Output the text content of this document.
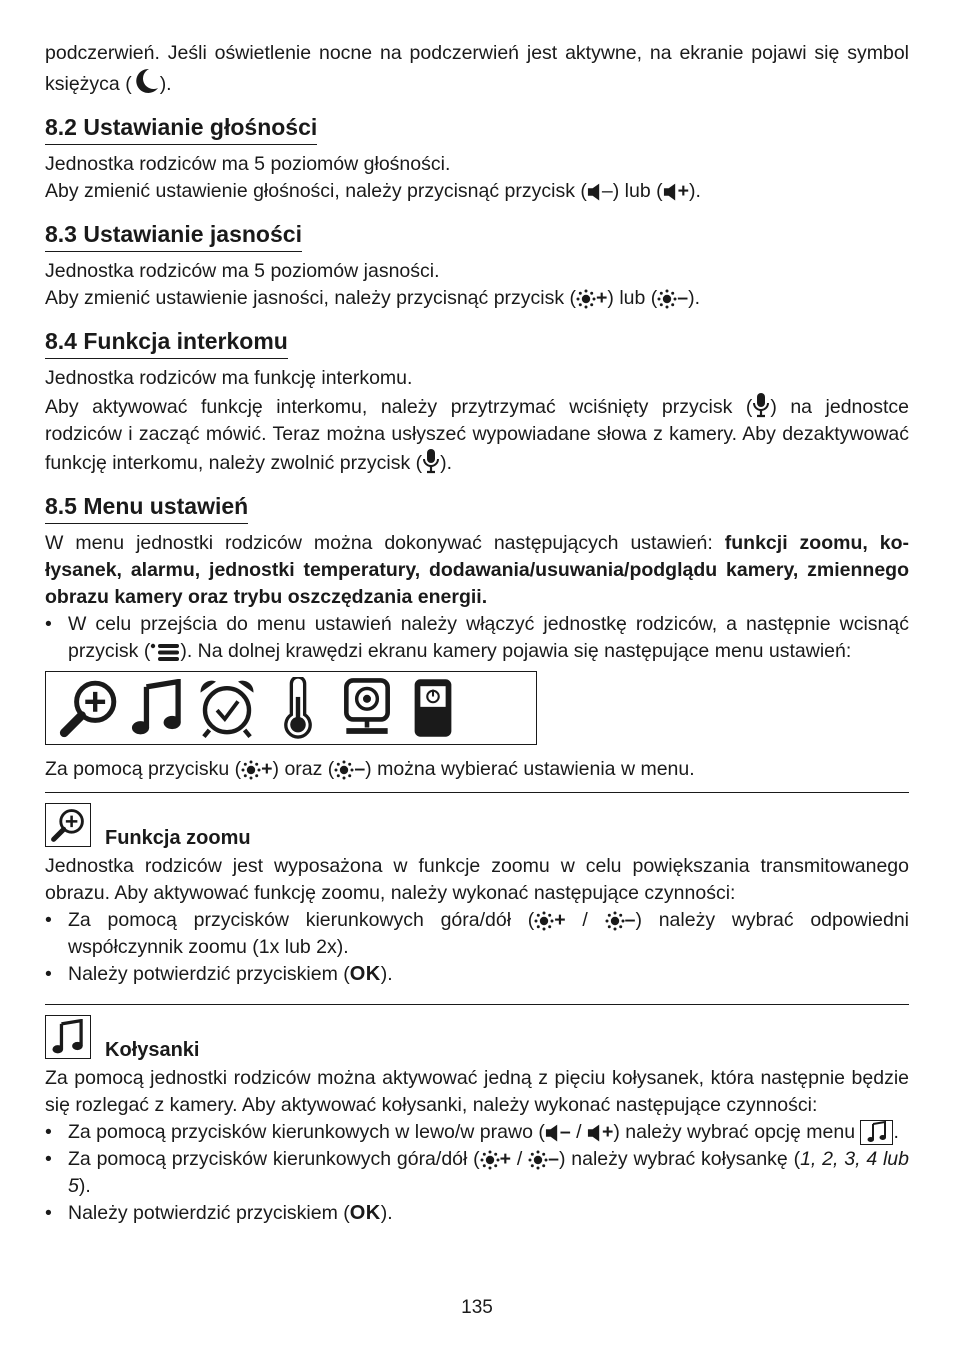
podczerwień. Jeśli oświetlenie nocne na podczerwień jest aktywne, na ekranie pojawi się symbol księżyca ( ).

8.2 Ustawianie głośności

Jednostka rodziców ma 5 poziomów głośności.

Aby zmienić ustawienie głośności, należy przycisnąć przycisk ( –) lub ( +).

8.3 Ustawianie jasności

Jednostka rodziców ma 5 poziomów jasności.

Aby zmienić ustawienie jasności, należy przycisnąć przycisk ( +) lub ( –).

8.4 Funkcja interkomu

Jednostka rodziców ma funkcję interkomu.

Aby aktywować funkcję interkomu, należy przytrzymać wciśnięty przycisk ( ) na jednostce rodziców i zacząć mówić. Teraz można usłyszeć wypowiadane słowa z kamery. Aby dezaktywować funkcję interkomu, należy zwolnić przycisk ( ).

8.5 Menu ustawień

W menu jednostki rodziców można dokonywać następujących ustawień: funkcji zoomu, kołysanek, alarmu, jednostki temperatury, dodawania/usuwania/podglądu kamery, zmiennego obrazu kamery oraz trybu oszczędzania energii.

• W celu przejścia do menu ustawień należy włączyć jednostkę rodziców, a następnie wcisnąć przycisk ( ). Na dolnej krawędzi ekranu kamery pojawia się następujące menu ustawień:

Za pomocą przycisku ( +) oraz ( –) można wybierać ustawienia w menu.

Funkcja zoomu

Jednostka rodziców jest wyposażona w funkcje zoomu w celu powiększania transmitowanego obrazu. Aby aktywować funkcję zoomu, należy wykonać następujące czynności:

• Za pomocą przycisków kierunkowych góra/dół ( + / –) należy wybrać odpowiedni współczynnik zoomu (1x lub 2x).

• Należy potwierdzić przyciskiem (OK).

Kołysanki

Za pomocą jednostki rodziców można aktywować jedną z pięciu kołysanek, która następnie będzie się rozlegać z kamery. Aby aktywować kołysanki, należy wykonać następujące czynności:

• Za pomocą przycisków kierunkowych w lewo/w prawo ( – / +) należy wybrać opcję menu .

• Za pomocą przycisków kierunkowych góra/dół ( + / –) należy wybrać kołysankę (1, 2, 3, 4 lub 5).

• Należy potwierdzić przyciskiem (OK).

135
